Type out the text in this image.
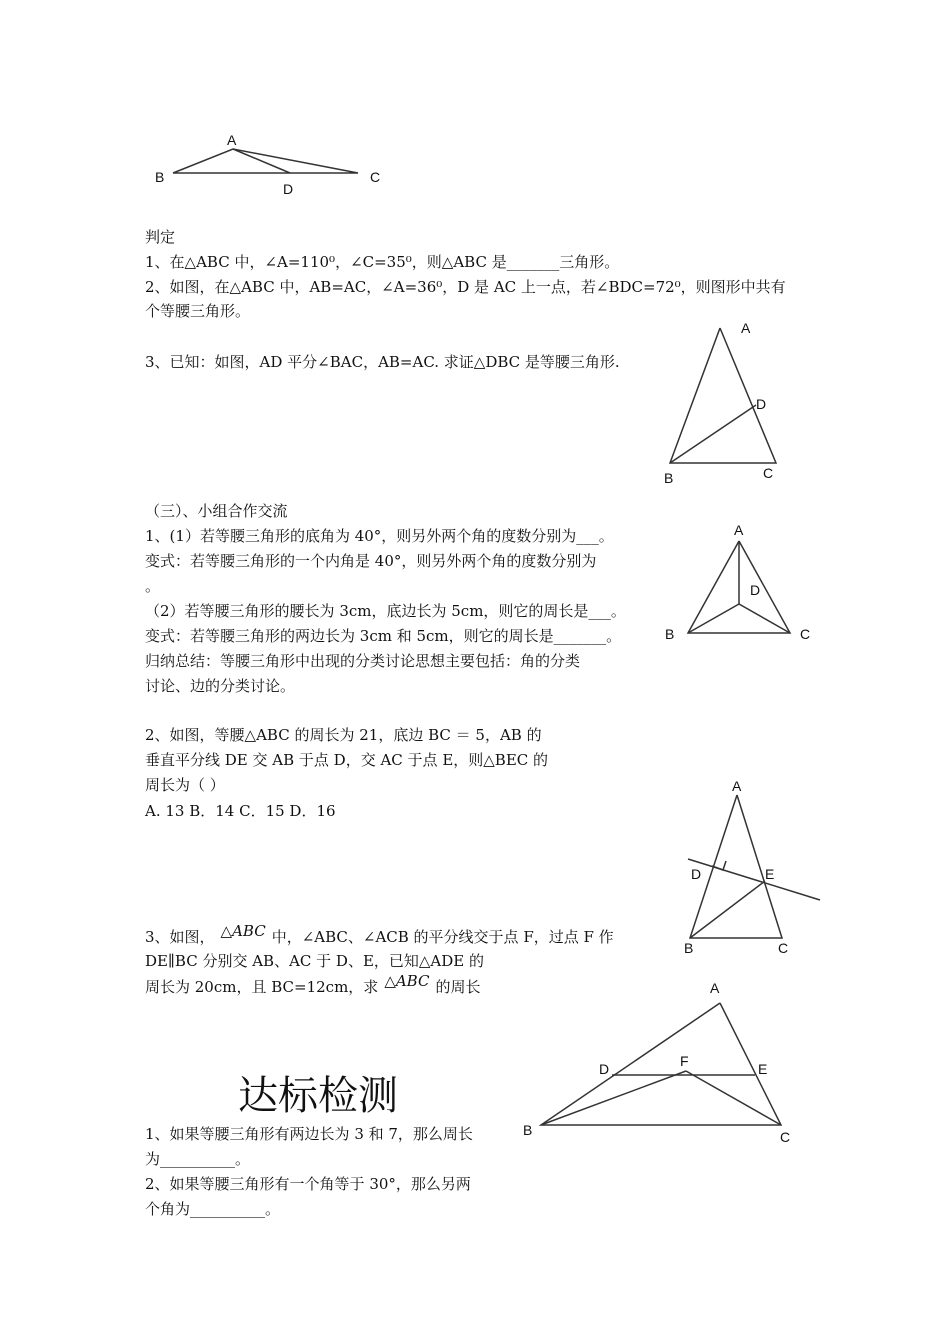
A
B	C
D
判定
1、在△ABC 中，∠A=110⁰，∠C=35⁰，则△ABC 是_______三角形。
2、如图，在△ABC 中，AB=AC，∠A=36⁰，D 是 AC 上一点，若∠BDC=72⁰，则图形中共有
个等腰三角形。
3、已知：如图，AD 平分∠BAC，AB=AC. 求证△DBC 是等腰三角形.
A
D
B	C
（三）、小组合作交流
1、(1）若等腰三角形的底角为 40°，则另外两个角的度数分别为___。
变式：若等腰三角形的一个内角是 40°，则另外两个角的度数分别为
。
（2）若等腰三角形的腰长为 3cm，底边长为 5cm，则它的周长是___。
变式：若等腰三角形的两边长为 3cm 和 5cm，则它的周长是_______。
归纳总结：等腰三角形中出现的分类讨论思想主要包括：角的分类
讨论、边的分类讨论。
A
D
B	C
2、如图，等腰△ABC 的周长为 21，底边 BC ＝ 5，AB 的
垂直平分线 DE 交 AB 于点 D，交 AC 于点 E，则△BEC 的
周长为（ ）
A. 13 B．14 C．15 D．16
A
D	E
B	C
3、如图， △ABC 中，∠ABC、∠ACB 的平分线交于点 F，过点 F 作
DE∥BC 分别交 AB、AC 于 D、E，已知△ADE 的
周长为 20cm，且 BC=12cm，求 △ABC 的周长	A
D	F	E
B	C
达标检测
1、如果等腰三角形有两边长为 3 和 7，那么周长
为__________。
2、如果等腰三角形有一个角等于 30°，那么另两
个角为__________。
